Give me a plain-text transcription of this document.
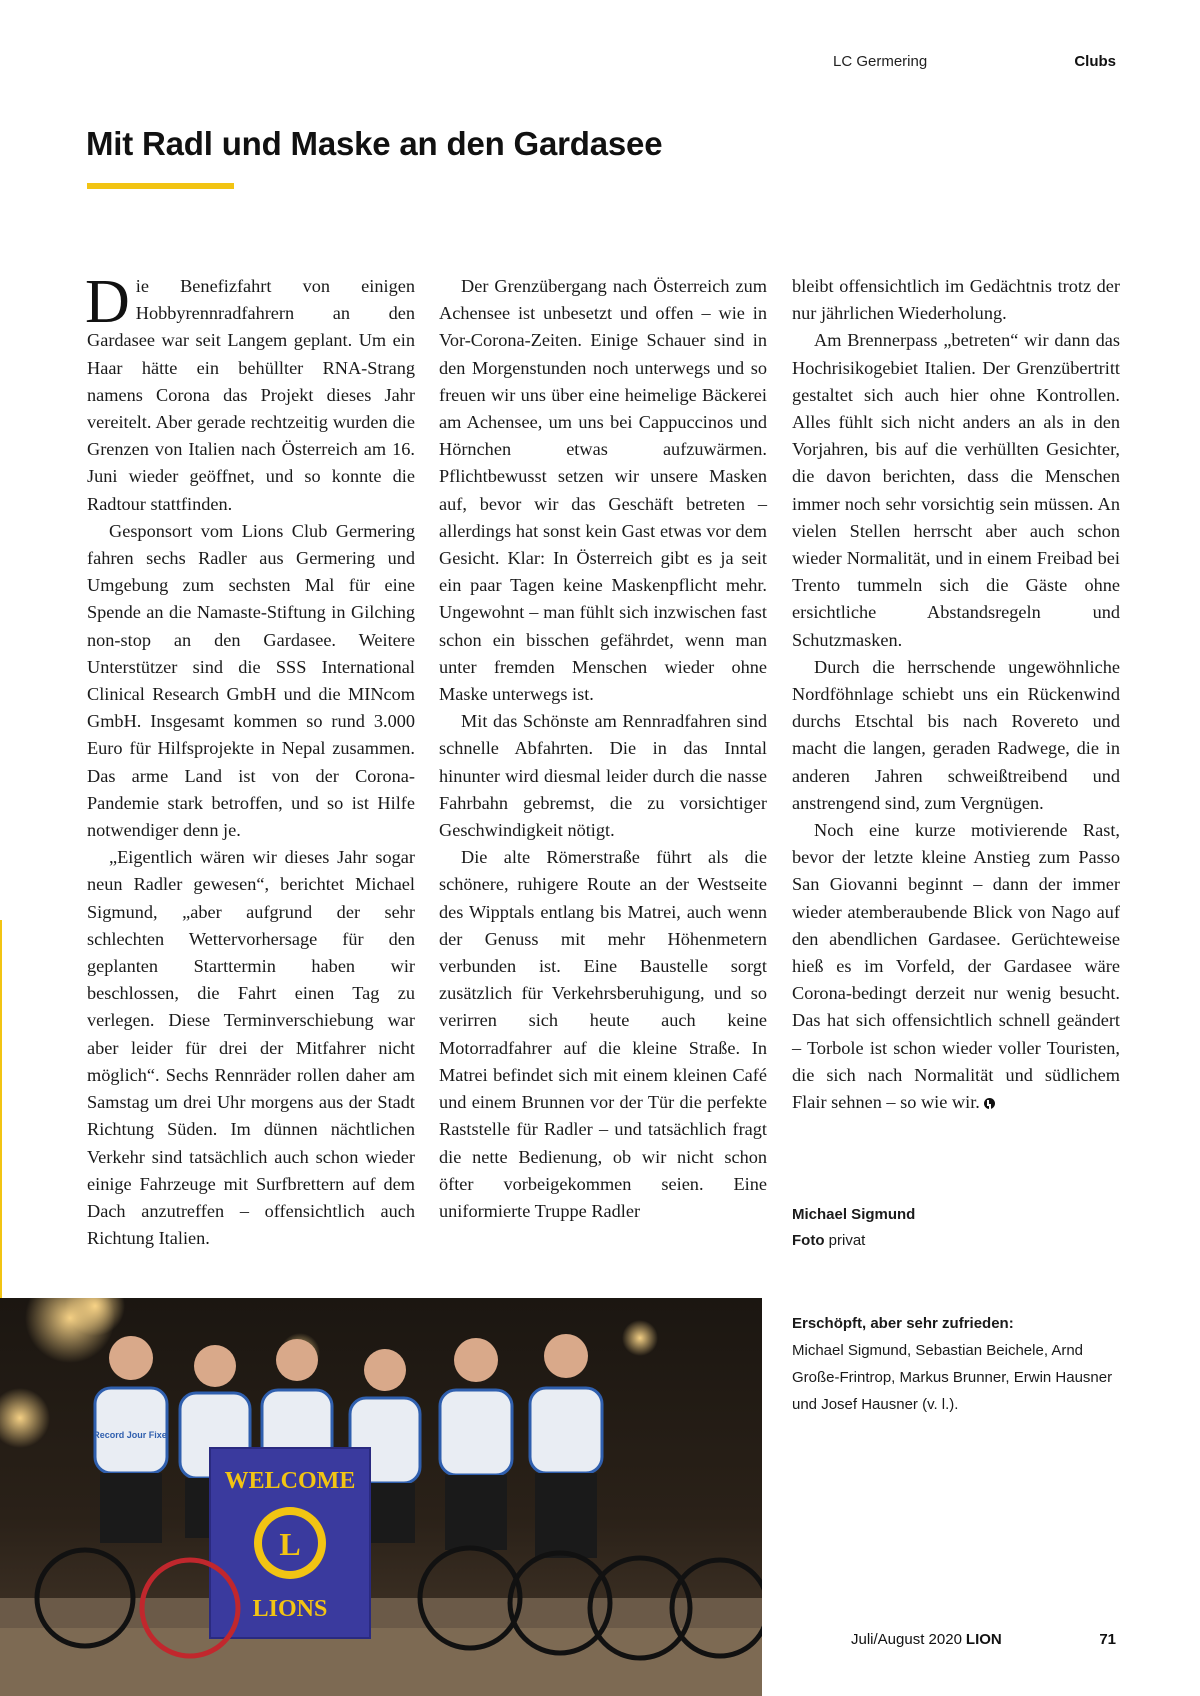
LC Germering	Clubs
Mit Radl und Maske an den Gardasee

Die Benefizfahrt von einigen Hobbyrennradfahrern an den Gardasee war seit Langem geplant. Um ein Haar hätte ein behüllter RNA-Strang namens Corona das Projekt dieses Jahr vereitelt. Aber gerade rechtzeitig wurden die Grenzen von Italien nach Österreich am 16. Juni wieder geöffnet, und so konnte die Radtour stattfinden.

Gesponsort vom Lions Club Germering fahren sechs Radler aus Germering und Umgebung zum sechsten Mal für eine Spende an die Namaste-Stiftung in Gilching non-stop an den Gardasee. Weitere Unterstützer sind die SSS International Clinical Research GmbH und die MINcom GmbH. Insgesamt kommen so rund 3.000 Euro für Hilfsprojekte in Nepal zusammen. Das arme Land ist von der Corona-Pandemie stark betroffen, und so ist Hilfe notwendiger denn je.

„Eigentlich wären wir dieses Jahr sogar neun Radler gewesen“, berichtet Michael Sigmund, „aber aufgrund der sehr schlechten Wettervorhersage für den geplanten Starttermin haben wir beschlossen, die Fahrt einen Tag zu verlegen. Diese Terminverschiebung war aber leider für drei der Mitfahrer nicht möglich“. Sechs Rennräder rollen daher am Samstag um drei Uhr morgens aus der Stadt Richtung Süden. Im dünnen nächtlichen Verkehr sind tatsächlich auch schon wieder einige Fahrzeuge mit Surfbrettern auf dem Dach anzutreffen – offensichtlich auch Richtung Italien.

Der Grenzübergang nach Österreich zum Achensee ist unbesetzt und offen – wie in Vor-Corona-Zeiten. Einige Schauer sind in den Morgenstunden noch unterwegs und so freuen wir uns über eine heimelige Bäckerei am Achensee, um uns bei Cappuccinos und Hörnchen etwas aufzuwärmen. Pflichtbewusst setzen wir unsere Masken auf, bevor wir das Geschäft betreten – allerdings hat sonst kein Gast etwas vor dem Gesicht. Klar: In Österreich gibt es ja seit ein paar Tagen keine Maskenpflicht mehr. Ungewohnt – man fühlt sich inzwischen fast schon ein bisschen gefährdet, wenn man unter fremden Menschen wieder ohne Maske unterwegs ist.

Mit das Schönste am Rennradfahren sind schnelle Abfahrten. Die in das Inntal hinunter wird diesmal leider durch die nasse Fahrbahn gebremst, die zu vorsichtiger Geschwindigkeit nötigt.

Die alte Römerstraße führt als die schönere, ruhigere Route an der Westseite des Wipptals entlang bis Matrei, auch wenn der Genuss mit mehr Höhenmetern verbunden ist. Eine Baustelle sorgt zusätzlich für Verkehrsberuhigung, und so verirren sich heute auch keine Motorradfahrer auf die kleine Straße. In Matrei befindet sich mit einem kleinen Café und einem Brunnen vor der Tür die perfekte Raststelle für Radler – und tatsächlich fragt die nette Bedienung, ob wir nicht schon öfter vorbeigekommen seien. Eine uniformierte Truppe Radler

bleibt offensichtlich im Gedächtnis trotz der nur jährlichen Wiederholung.

Am Brennerpass „betreten“ wir dann das Hochrisikogebiet Italien. Der Grenzübertritt gestaltet sich auch hier ohne Kontrollen. Alles fühlt sich nicht anders an als in den Vorjahren, bis auf die verhüllten Gesichter, die davon berichten, dass die Menschen immer noch sehr vorsichtig sein müssen. An vielen Stellen herrscht aber auch schon wieder Normalität, und in einem Freibad bei Trento tummeln sich die Gäste ohne ersichtliche Abstandsregeln und Schutzmasken.

Durch die herrschende ungewöhnliche Nordföhnlage schiebt uns ein Rückenwind durchs Etschtal bis nach Rovereto und macht die langen, geraden Radwege, die in anderen Jahren schweißtreibend und anstrengend sind, zum Vergnügen.

Noch eine kurze motivierende Rast, bevor der letzte kleine Anstieg zum Passo San Giovanni beginnt – dann der immer wieder atemberaubende Blick von Nago auf den abendlichen Gardasee. Gerüchteweise hieß es im Vorfeld, der Gardasee wäre Corona-bedingt derzeit nur wenig besucht. Das hat sich offensichtlich schnell geändert – Torbole ist schon wieder voller Touristen, die sich nach Normalität und südlichem Flair sehnen – so wie wir.

Michael Sigmund
Foto privat
Erschöpft, aber sehr zufrieden:
Michael Sigmund, Sebastian Beichele, Arnd Große-Frintrop, Markus Brunner, Erwin Hausner und Josef Hausner (v. l.).
WELCOME
L
LIONS
Record Jour Fixe
Juli/August 2020 LION	71
